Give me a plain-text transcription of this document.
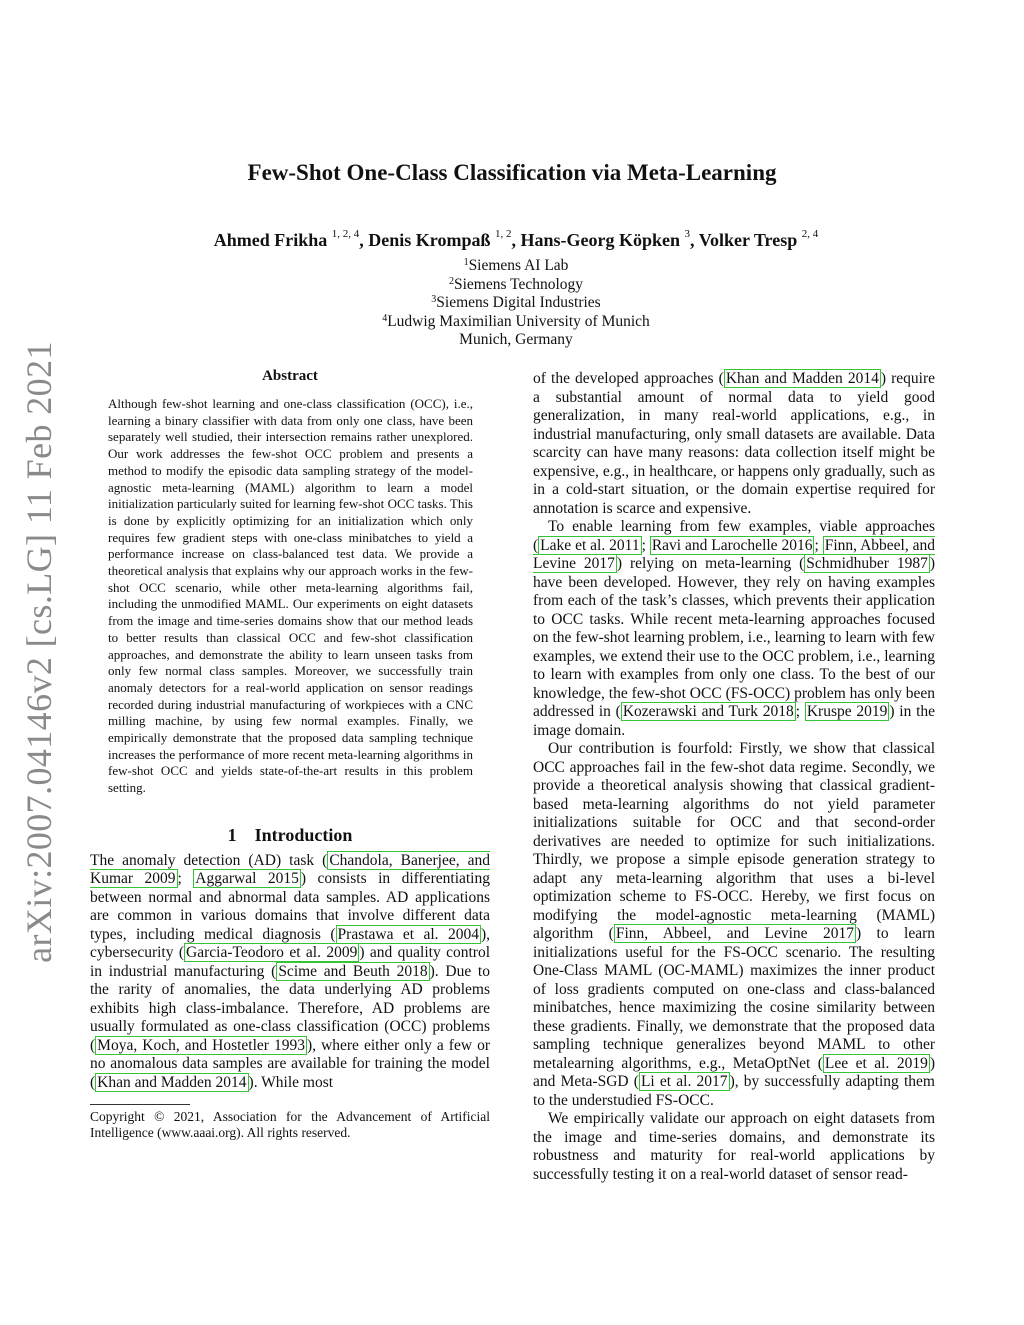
arXiv:2007.04146v2 [cs.LG] 11 Feb 2021
Few-Shot One-Class Classification via Meta-Learning
Ahmed Frikha $^{1, 2, 4}$, Denis Krompaß $^{1, 2}$, Hans-Georg Köpken $^3$, Volker Tresp $^{2, 4}$
$^1$Siemens AI Lab
$^2$Siemens Technology
$^3$Siemens Digital Industries
$^4$Ludwig Maximilian University of Munich
Munich, Germany
Abstract

Although few-shot learning and one-class classification (OCC), i.e., learning a binary classifier with data from only one class, have been separately well studied, their intersection remains rather unexplored. Our work addresses the few-shot OCC problem and presents a method to modify the episodic data sampling strategy of the model-agnostic meta-learning (MAML) algorithm to learn a model initialization particularly suited for learning few-shot OCC tasks. This is done by explicitly optimizing for an initialization which only requires few gradient steps with one-class minibatches to yield a performance increase on class-balanced test data. We provide a theoretical analysis that explains why our approach works in the few-shot OCC scenario, while other meta-learning algorithms fail, including the unmodified MAML. Our experiments on eight datasets from the image and time-series domains show that our method leads to better results than classical OCC and few-shot classification approaches, and demonstrate the ability to learn unseen tasks from only few normal class samples. Moreover, we successfully train anomaly detectors for a real-world application on sensor readings recorded during industrial manufacturing of workpieces with a CNC milling machine, by using few normal examples. Finally, we empirically demonstrate that the proposed data sampling technique increases the performance of more recent meta-learning algorithms in few-shot OCC and yields state-of-the-art results in this problem setting.

1 Introduction

The anomaly detection (AD) task ( Chandola, Banerjee, and Kumar 2009 ; Aggarwal 2015 ) consists in differentiating between normal and abnormal data samples. AD applications are common in various domains that involve different data types, including medical diagnosis ( Prastawa et al. 2004 ), cybersecurity ( Garcia-Teodoro et al. 2009 ) and quality control in industrial manufacturing ( Scime and Beuth 2018 ). Due to the rarity of anomalies, the data underlying AD problems exhibits high class-imbalance. Therefore, AD problems are usually formulated as one-class classification (OCC) problems ( Moya, Koch, and Hostetler 1993 ), where either only a few or no anomalous data samples are available for training the model ( Khan and Madden 2014 ). While most

Copyright © 2021, Association for the Advancement of Artificial Intelligence (www.aaai.org). All rights reserved.

of the developed approaches ( Khan and Madden 2014 ) require a substantial amount of normal data to yield good generalization, in many real-world applications, e.g., in industrial manufacturing, only small datasets are available. Data scarcity can have many reasons: data collection itself might be expensive, e.g., in healthcare, or happens only gradually, such as in a cold-start situation, or the domain expertise required for annotation is scarce and expensive.

To enable learning from few examples, viable approaches ( Lake et al. 2011 ; Ravi and Larochelle 2016 ; Finn, Abbeel, and Levine 2017 ) relying on meta-learning ( Schmidhuber 1987 ) have been developed. However, they rely on having examples from each of the task’s classes, which prevents their application to OCC tasks. While recent meta-learning approaches focused on the few-shot learning problem, i.e., learning to learn with few examples, we extend their use to the OCC problem, i.e., learning to learn with examples from only one class. To the best of our knowledge, the few-shot OCC (FS-OCC) problem has only been addressed in ( Kozerawski and Turk 2018 ; Kruspe 2019 ) in the image domain.

Our contribution is fourfold: Firstly, we show that classical OCC approaches fail in the few-shot data regime. Secondly, we provide a theoretical analysis showing that classical gradient-based meta-learning algorithms do not yield parameter initializations suitable for OCC and that second-order derivatives are needed to optimize for such initializations. Thirdly, we propose a simple episode generation strategy to adapt any meta-learning algorithm that uses a bi-level optimization scheme to FS-OCC. Hereby, we first focus on modifying the model-agnostic meta-learning (MAML) algorithm ( Finn, Abbeel, and Levine 2017 ) to learn initializations useful for the FS-OCC scenario. The resulting One-Class MAML (OC-MAML) maximizes the inner product of loss gradients computed on one-class and class-balanced minibatches, hence maximizing the cosine similarity between these gradients. Finally, we demonstrate that the proposed data sampling technique generalizes beyond MAML to other metalearning algorithms, e.g., MetaOptNet ( Lee et al. 2019 ) and Meta-SGD ( Li et al. 2017 ), by successfully adapting them to the understudied FS-OCC.

We empirically validate our approach on eight datasets from the image and time-series domains, and demonstrate its robustness and maturity for real-world applications by successfully testing it on a real-world dataset of sensor read-
